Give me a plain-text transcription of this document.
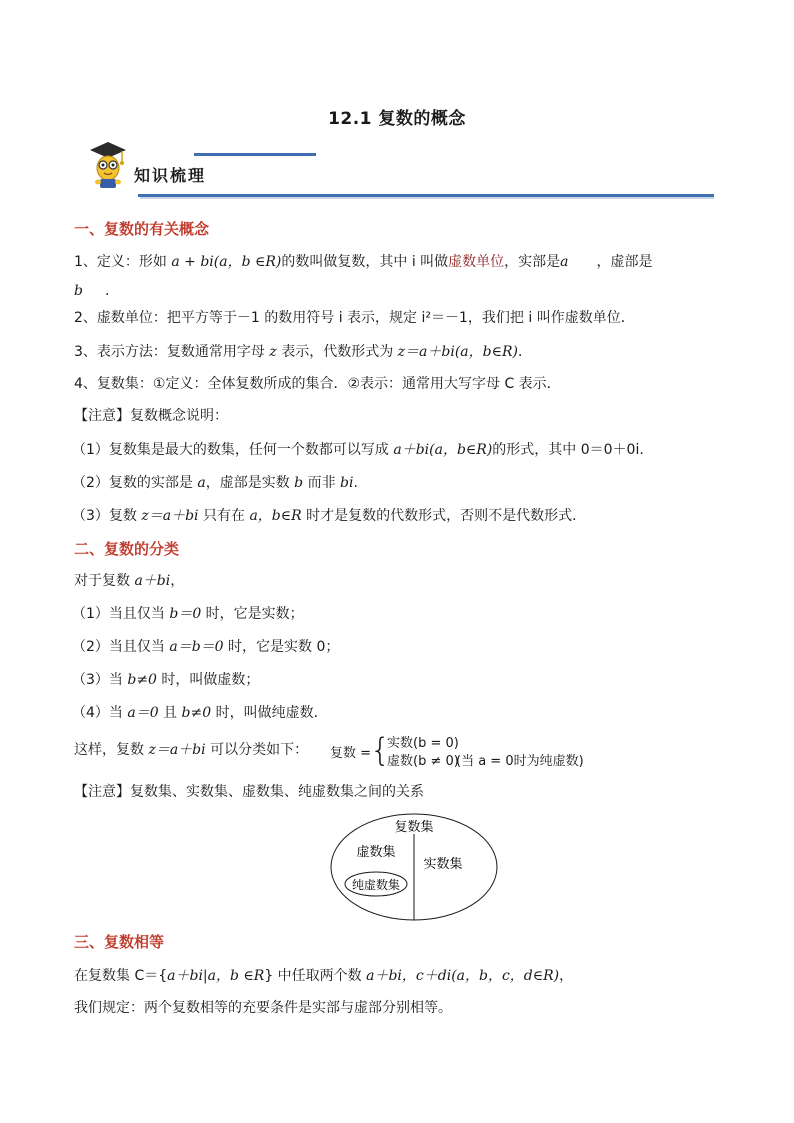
12.1 复数的概念
知识梳理
一、复数的有关概念
1、定义：形如 a + bi(a，b ∈R)的数叫做复数，其中 i 叫做虚数单位，实部是a ，虚部是
b .
2、虚数单位：把平方等于－1 的数用符号 i 表示，规定 i²＝－1，我们把 i 叫作虚数单位．
3、表示方法：复数通常用字母 z 表示，代数形式为 z＝a＋bi(a，b∈R)．
4、复数集：①定义：全体复数所成的集合．②表示：通常用大写字母 C 表示．
【注意】复数概念说明：
（1）复数集是最大的数集，任何一个数都可以写成 a＋bi(a，b∈R)的形式，其中 0＝0＋0i.
（2）复数的实部是 a，虚部是实数 b 而非 bi.
（3）复数 z＝a＋bi 只有在 a，b∈R 时才是复数的代数形式，否则不是代数形式．
二、复数的分类
对于复数 a＋bi，
（1）当且仅当 b＝0 时，它是实数；
（2）当且仅当 a＝b＝0 时，它是实数 0；
（3）当 b≠0 时，叫做虚数；
（4）当 a＝0 且 b≠0 时，叫做纯虚数．
这样，复数 z＝a＋bi 可以分类如下： 复数 =
{
实数(b = 0)
虚数(b ≠ 0)
(当 a = 0时为纯虚数)
【注意】复数集、实数集、虚数集、纯虚数集之间的关系
复数集
虚数集
实数集
纯虚数集
三、复数相等
在复数集 C＝{a＋bi|a，b ∈R} 中任取两个数 a＋bi，c＋di(a，b，c，d∈R)，
我们规定：两个复数相等的充要条件是实部与虚部分别相等。
